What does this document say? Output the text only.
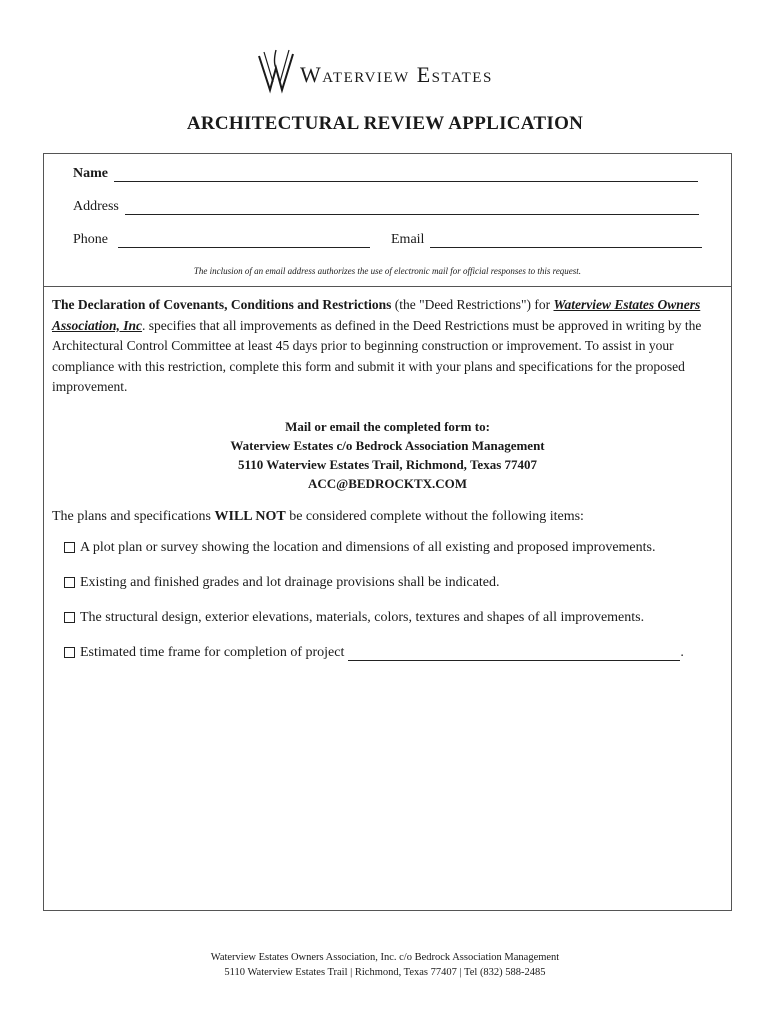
Waterview Estates
ARCHITECTURAL REVIEW APPLICATION
Name
Address
Phone	Email
The inclusion of an email address authorizes the use of electronic mail for official responses to this request.
The Declaration of Covenants, Conditions and Restrictions (the "Deed Restrictions") for Waterview Estates Owners Association, Inc. specifies that all improvements as defined in the Deed Restrictions must be approved in writing by the Architectural Control Committee at least 45 days prior to beginning construction or improvement. To assist in your compliance with this restriction, complete this form and submit it with your plans and specifications for the proposed improvement.
Mail or email the completed form to:
Waterview Estates c/o Bedrock Association Management
5110 Waterview Estates Trail, Richmond, Texas 77407
ACC@BEDROCKTX.COM
The plans and specifications WILL NOT be considered complete without the following items:
A plot plan or survey showing the location and dimensions of all existing and proposed improvements.
Existing and finished grades and lot drainage provisions shall be indicated.
The structural design, exterior elevations, materials, colors, textures and shapes of all improvements.
Estimated time frame for completion of project	.
Waterview Estates Owners Association, Inc. c/o Bedrock Association Management
5110 Waterview Estates Trail | Richmond, Texas 77407 | Tel (832) 588-2485
